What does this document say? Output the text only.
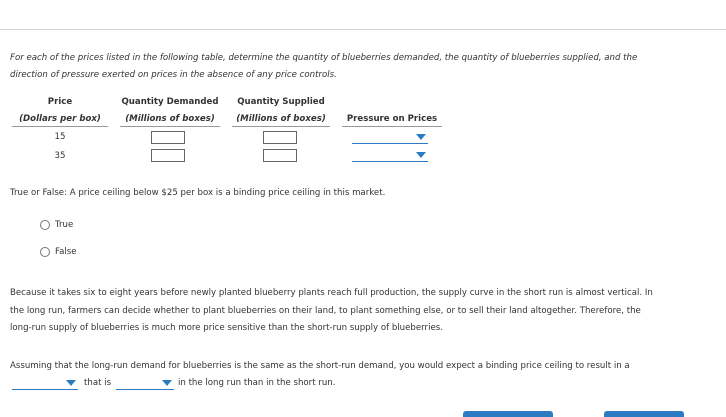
For each of the prices listed in the following table, determine the quantity of blueberries demanded, the quantity of blueberries supplied, and the
direction of pressure exerted on prices in the absence of any price controls.
Price
(Dollars per box)
Quantity Demanded
(Millions of boxes)
Quantity Supplied
(Millions of boxes)	Pressure on Prices
15
35
True or False: A price ceiling below $25 per box is a binding price ceiling in this market.
True
False
Because it takes six to eight years before newly planted blueberry plants reach full production, the supply curve in the short run is almost vertical. In
the long run, farmers can decide whether to plant blueberries on their land, to plant something else, or to sell their land altogether. Therefore, the
long-run supply of blueberries is much more price sensitive than the short-run supply of blueberries.
Assuming that the long-run demand for blueberries is the same as the short-run demand, you would expect a binding price ceiling to result in a
that is	in the long run than in the short run.
